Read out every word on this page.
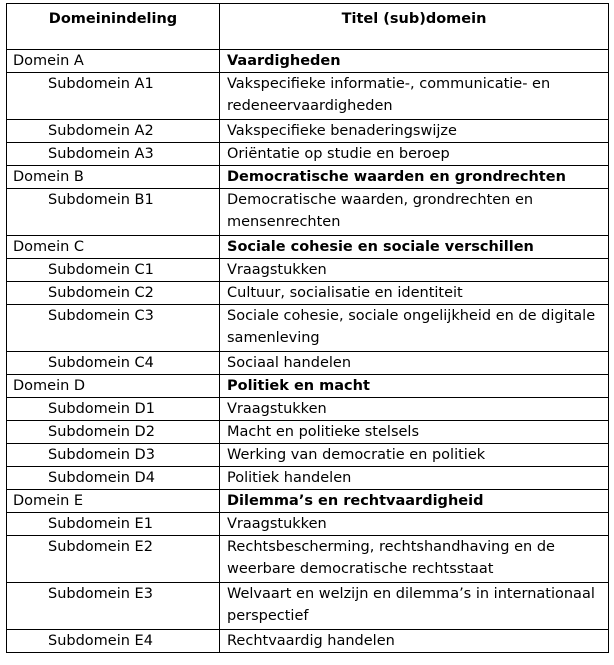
Domeinindeling	Titel (sub)domein
Domein A	Vaardigheden
Subdomein A1	Vakspecifieke informatie-, communicatie- en redeneervaardigheden
Subdomein A2	Vakspecifieke benaderingswijze
Subdomein A3	Oriëntatie op studie en beroep
Domein B	Democratische waarden en grondrechten
Subdomein B1	Democratische waarden, grondrechten en mensenrechten
Domein C	Sociale cohesie en sociale verschillen
Subdomein C1	Vraagstukken
Subdomein C2	Cultuur, socialisatie en identiteit
Subdomein C3	Sociale cohesie, sociale ongelijkheid en de digitale samenleving
Subdomein C4	Sociaal handelen
Domein D	Politiek en macht
Subdomein D1	Vraagstukken
Subdomein D2	Macht en politieke stelsels
Subdomein D3	Werking van democratie en politiek
Subdomein D4	Politiek handelen
Domein E	Dilemma’s en rechtvaardigheid
Subdomein E1	Vraagstukken
Subdomein E2	Rechtsbescherming, rechtshandhaving en de weerbare democratische rechtsstaat
Subdomein E3	Welvaart en welzijn en dilemma’s in internationaal perspectief
Subdomein E4	Rechtvaardig handelen
